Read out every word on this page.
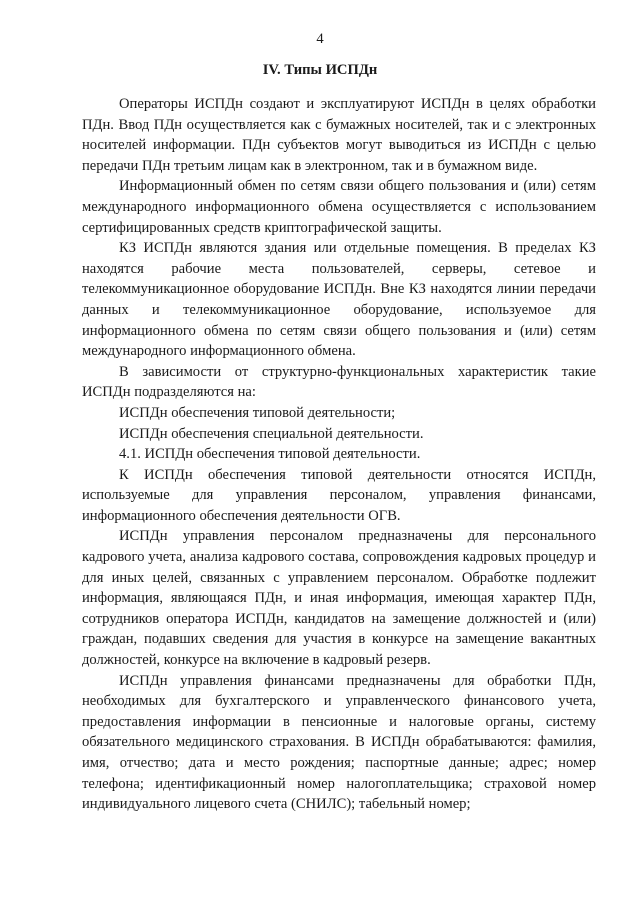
4
IV. Типы ИСПДн

Операторы ИСПДн создают и эксплуатируют ИСПДн в целях обработки ПДн. Ввод ПДн осуществляется как с бумажных носителей, так и с электронных носителей информации. ПДн субъектов могут выводиться из ИСПДн с целью передачи ПДн третьим лицам как в электронном, так и в бумажном виде.

Информационный обмен по сетям связи общего пользования и (или) сетям международного информационного обмена осуществляется с использованием сертифицированных средств криптографической защиты.

КЗ ИСПДн являются здания или отдельные помещения. В пределах КЗ находятся рабочие места пользователей, серверы, сетевое и телекоммуникационное оборудование ИСПДн. Вне КЗ находятся линии передачи данных и телекоммуникационное оборудование, используемое для информационного обмена по сетям связи общего пользования и (или) сетям международного информационного обмена.

В зависимости от структурно-функциональных характеристик такие ИСПДн подразделяются на:

ИСПДн обеспечения типовой деятельности;

ИСПДн обеспечения специальной деятельности.

4.1. ИСПДн обеспечения типовой деятельности.

К ИСПДн обеспечения типовой деятельности относятся ИСПДн, используемые для управления персоналом, управления финансами, информационного обеспечения деятельности ОГВ.

ИСПДн управления персоналом предназначены для персонального кадрового учета, анализа кадрового состава, сопровождения кадровых процедур и для иных целей, связанных с управлением персоналом. Обработке подлежит информация, являющаяся ПДн, и иная информация, имеющая характер ПДн, сотрудников оператора ИСПДн, кандидатов на замещение должностей и (или) граждан, подавших сведения для участия в конкурсе на замещение вакантных должностей, конкурсе на включение в кадровый резерв.

ИСПДн управления финансами предназначены для обработки ПДн, необходимых для бухгалтерского и управленческого финансового учета, предоставления информации в пенсионные и налоговые органы, систему обязательного медицинского страхования. В ИСПДн обрабатываются: фамилия, имя, отчество; дата и место рождения; паспортные данные; адрес; номер телефона; идентификационный номер налогоплательщика; страховой номер индивидуального лицевого счета (СНИЛС); табельный номер;
